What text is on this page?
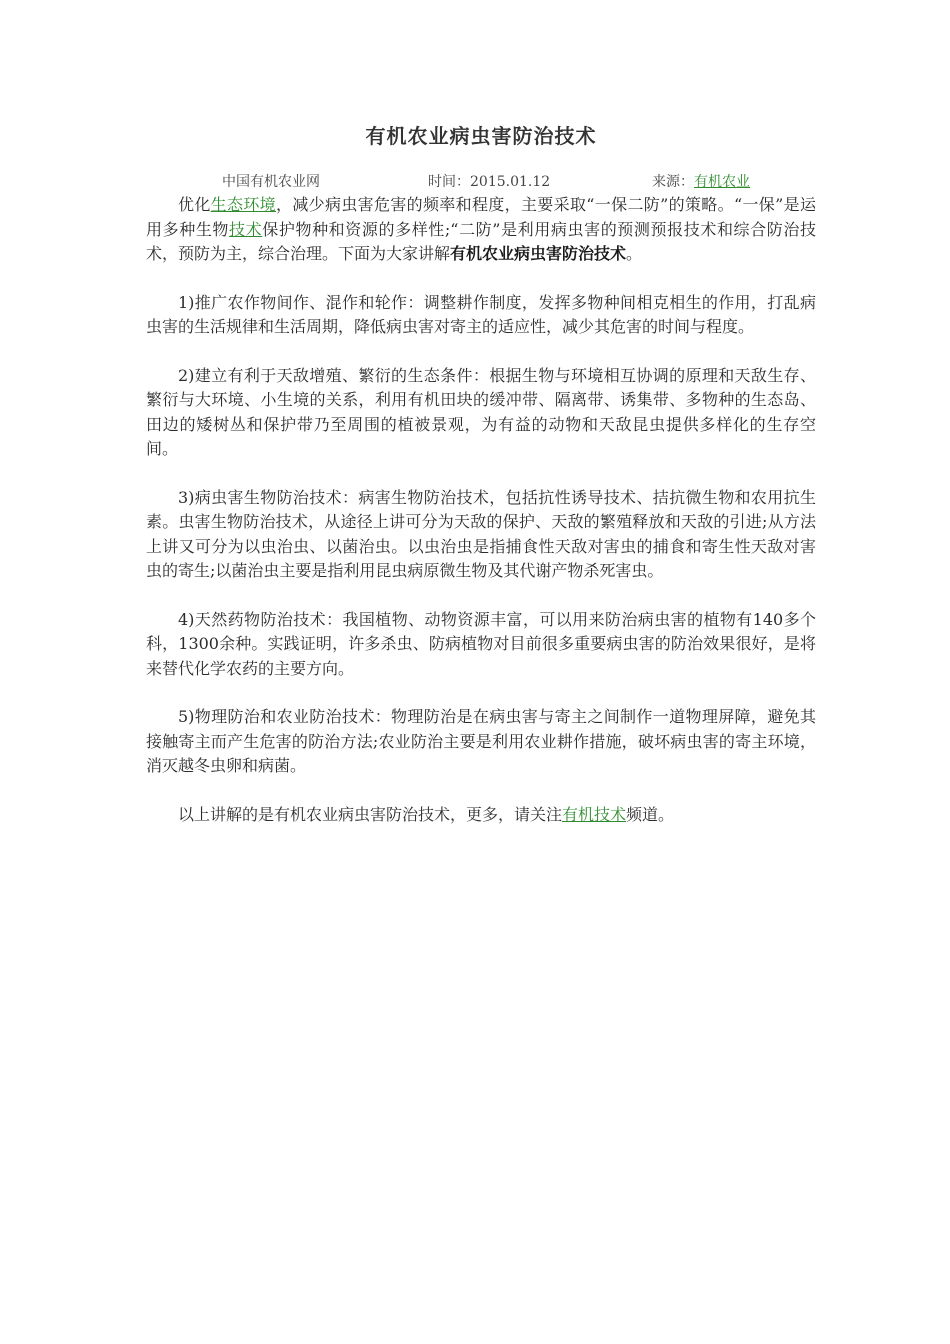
有机农业病虫害防治技术
中国有机农业网	时间：2015.01.12	来源：有机农业

优化生态环境，减少病虫害危害的频率和程度，主要采取“一保二防”的策略。“一保”是运用多种生物技术保护物种和资源的多样性;“二防”是利用病虫害的预测预报技术和综合防治技术，预防为主，综合治理。下面为大家讲解有机农业病虫害防治技术。

1)推广农作物间作、混作和轮作：调整耕作制度，发挥多物种间相克相生的作用，打乱病虫害的生活规律和生活周期，降低病虫害对寄主的适应性，减少其危害的时间与程度。

2)建立有利于天敌增殖、繁衍的生态条件：根据生物与环境相互协调的原理和天敌生存、繁衍与大环境、小生境的关系，利用有机田块的缓冲带、隔离带、诱集带、多物种的生态岛、田边的矮树丛和保护带乃至周围的植被景观，为有益的动物和天敌昆虫提供多样化的生存空间。

3)病虫害生物防治技术：病害生物防治技术，包括抗性诱导技术、拮抗微生物和农用抗生素。虫害生物防治技术，从途径上讲可分为天敌的保护、天敌的繁殖释放和天敌的引进;从方法上讲又可分为以虫治虫、以菌治虫。以虫治虫是指捕食性天敌对害虫的捕食和寄生性天敌对害虫的寄生;以菌治虫主要是指利用昆虫病原微生物及其代谢产物杀死害虫。

4)天然药物防治技术：我国植物、动物资源丰富，可以用来防治病虫害的植物有140多个科，1300余种。实践证明，许多杀虫、防病植物对目前很多重要病虫害的防治效果很好，是将来替代化学农药的主要方向。

5)物理防治和农业防治技术：物理防治是在病虫害与寄主之间制作一道物理屏障，避免其接触寄主而产生危害的防治方法;农业防治主要是利用农业耕作措施，破坏病虫害的寄主环境，消灭越冬虫卵和病菌。

以上讲解的是有机农业病虫害防治技术，更多，请关注有机技术频道。
